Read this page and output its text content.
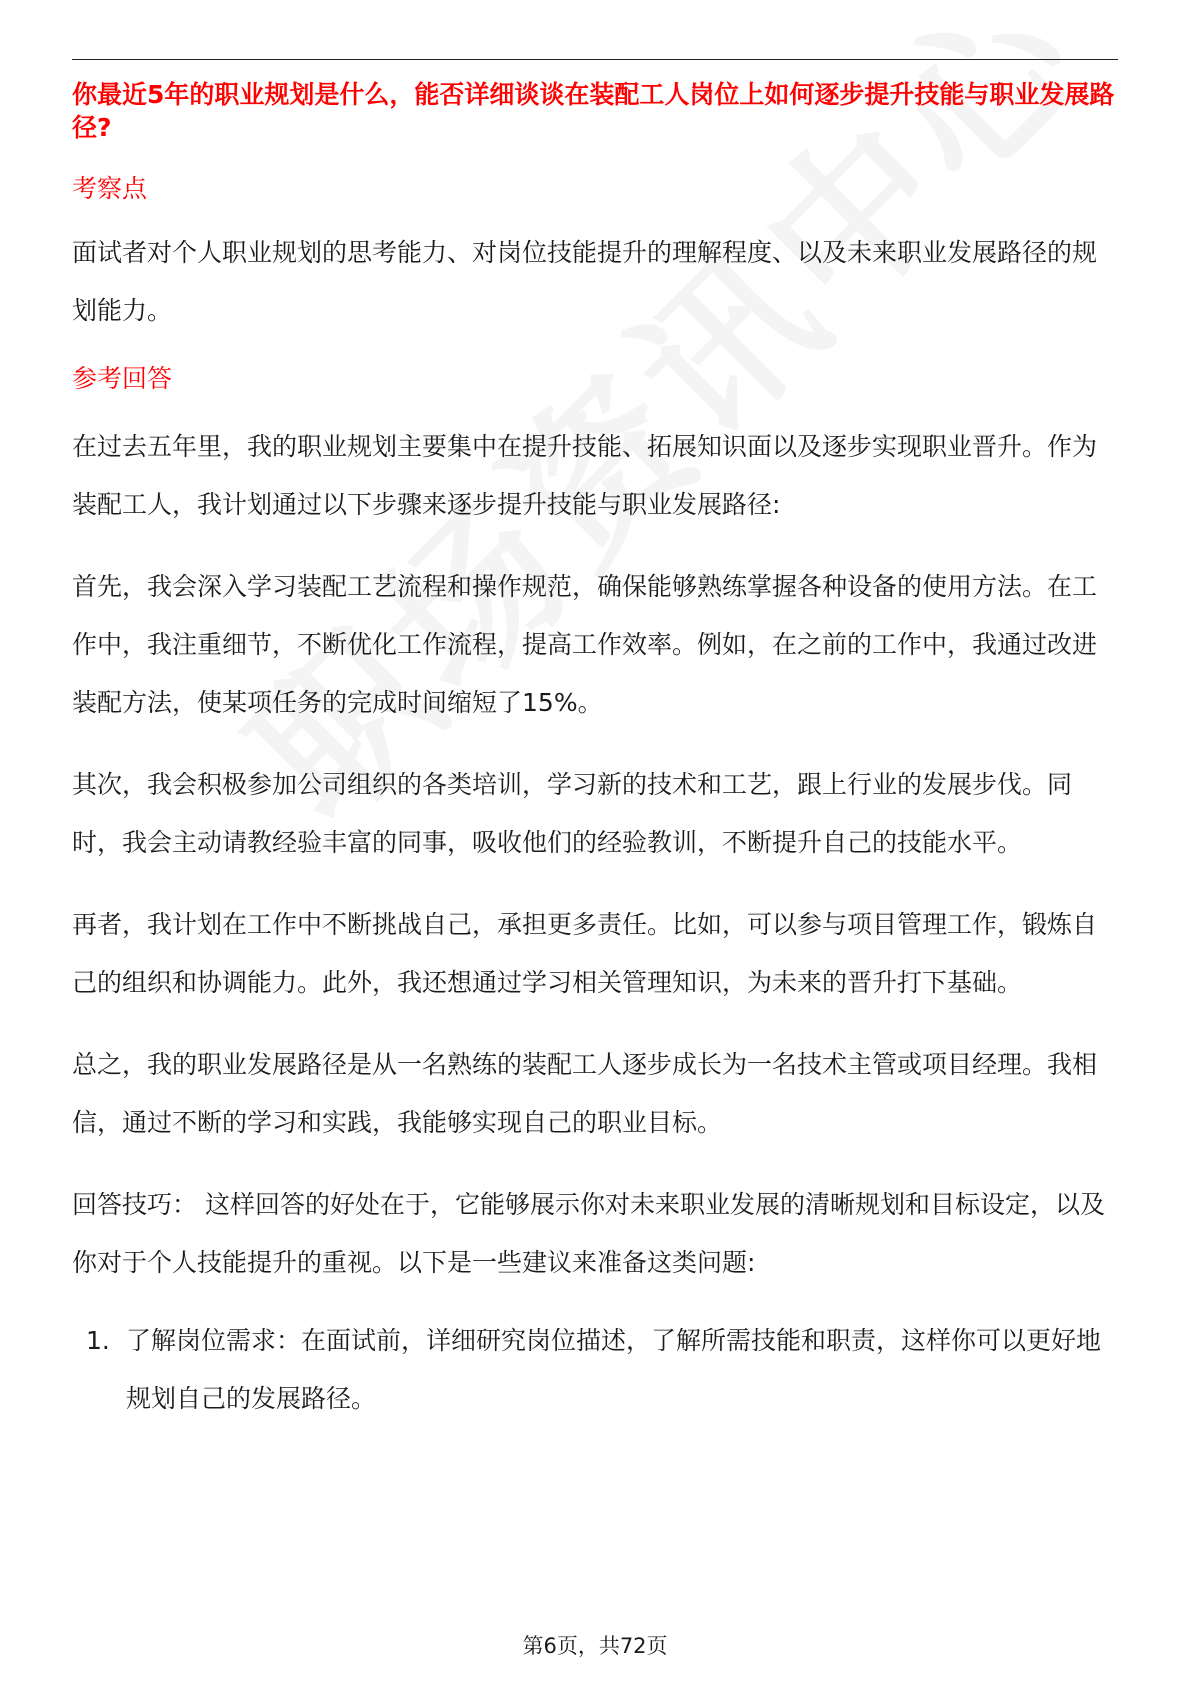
你最近5年的职业规划是什么，能否详细谈谈在装配工人岗位上如何逐步提升技能与职业发展路径?

考察点

面试者对个人职业规划的思考能力、对岗位技能提升的理解程度、以及未来职业发展路径的规划能力。

参考回答

在过去五年里，我的职业规划主要集中在提升技能、拓展知识面以及逐步实现职业晋升。作为装配工人，我计划通过以下步骤来逐步提升技能与职业发展路径:

首先，我会深入学习装配工艺流程和操作规范，确保能够熟练掌握各种设备的使用方法。在工作中，我注重细节，不断优化工作流程，提高工作效率。例如，在之前的工作中，我通过改进装配方法，使某项任务的完成时间缩短了15%。

其次，我会积极参加公司组织的各类培训，学习新的技术和工艺，跟上行业的发展步伐。同时，我会主动请教经验丰富的同事，吸收他们的经验教训，不断提升自己的技能水平。

再者，我计划在工作中不断挑战自己，承担更多责任。比如，可以参与项目管理工作，锻炼自己的组织和协调能力。此外，我还想通过学习相关管理知识，为未来的晋升打下基础。

总之，我的职业发展路径是从一名熟练的装配工人逐步成长为一名技术主管或项目经理。我相信，通过不断的学习和实践，我能够实现自己的职业目标。

回答技巧： 这样回答的好处在于，它能够展示你对未来职业发展的清晰规划和目标设定，以及你对于个人技能提升的重视。以下是一些建议来准备这类问题:

1. 了解岗位需求：在面试前，详细研究岗位描述，了解所需技能和职责，这样你可以更好地规划自己的发展路径。
第6页，共72页
